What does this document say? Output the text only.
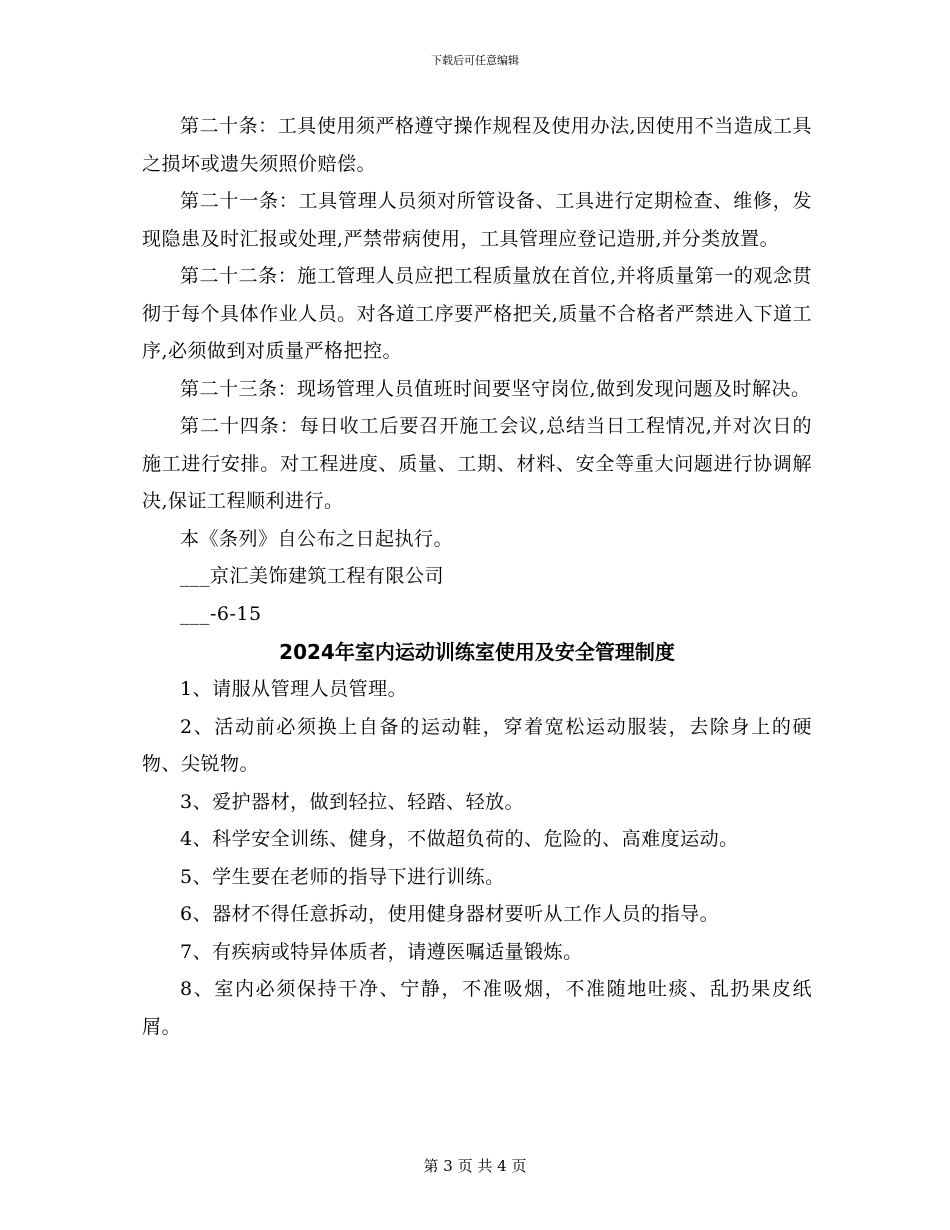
下载后可任意编辑

第二十条：工具使用须严格遵守操作规程及使用办法,因使用不当造成工具之损坏或遗失须照价赔偿。

第二十一条：工具管理人员须对所管设备、工具进行定期检查、维修，发现隐患及时汇报或处理,严禁带病使用，工具管理应登记造册,并分类放置。

第二十二条：施工管理人员应把工程质量放在首位,并将质量第一的观念贯彻于每个具体作业人员。对各道工序要严格把关,质量不合格者严禁进入下道工序,必须做到对质量严格把控。

第二十三条：现场管理人员值班时间要坚守岗位,做到发现问题及时解决。

第二十四条：每日收工后要召开施工会议,总结当日工程情况,并对次日的施工进行安排。对工程进度、质量、工期、材料、安全等重大问题进行协调解决,保证工程顺利进行。

本《条列》自公布之日起执行。

___京汇美饰建筑工程有限公司

___-6-15

2024年室内运动训练室使用及安全管理制度

1、请服从管理人员管理。

2、活动前必须换上自备的运动鞋，穿着宽松运动服装，去除身上的硬物、尖锐物。

3、爱护器材，做到轻拉、轻踏、轻放。

4、科学安全训练、健身，不做超负荷的、危险的、高难度运动。

5、学生要在老师的指导下进行训练。

6、器材不得任意拆动，使用健身器材要听从工作人员的指导。

7、有疾病或特异体质者，请遵医嘱适量锻炼。

8、室内必须保持干净、宁静，不准吸烟，不准随地吐痰、乱扔果皮纸屑。

第 3 页 共 4 页
